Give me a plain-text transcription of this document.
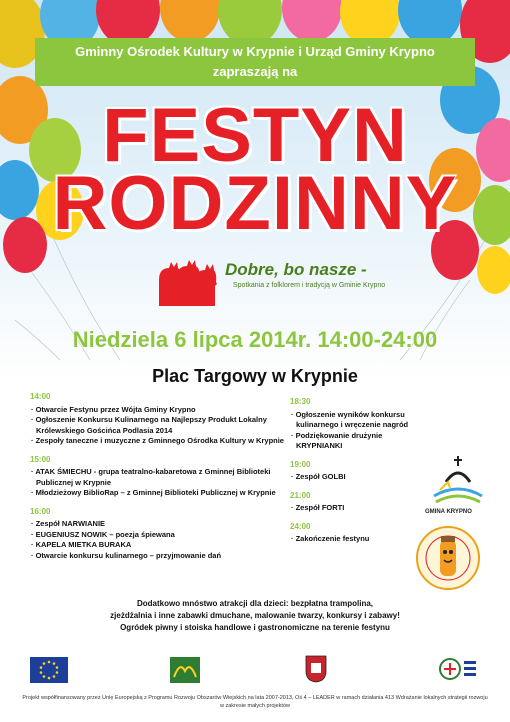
Gminny Ośrodek Kultury w Krypnie i Urząd Gminy Krypno
zapraszają na
FESTYN
RODZINNY
Dobre, bo nasze -
Spotkania z folklorem i tradycją w Gminie Krypno
Niedziela 6 lipca 2014r. 14:00-24:00
Plac Targowy w Krypnie
14:00
· Otwarcie Festynu przez Wójta Gminy Krypno
· Ogłoszenie Konkursu Kulinarnego na Najlepszy Produkt Lokalny Królewskiego Gościńca Podlasia 2014
· Zespoły taneczne i muzyczne z Gminnego Ośrodka Kultury w Krypnie
15:00
· ATAK ŚMIECHU - grupa teatralno-kabaretowa z Gminnej Biblioteki Publicznej w Krypnie
· Młodzieżowy BiblioRap – z Gminnej Biblioteki Publicznej w Krypnie
16:00
· Zespół NARWIANIE
· EUGENIUSZ NOWIK – poezja śpiewana
· KAPELA MIETKA BURAKA
· Otwarcie konkursu kulinarnego – przyjmowanie dań
18:30
· Ogłoszenie wyników konkursu kulinarnego i wręczenie nagród
· Podziękowanie drużynie KRYPNIANKI
19:00
· Zespół GOLBI
21:00
· Zespół FORTI
24:00
· Zakończenie festynu
GMINA KRYPNO
Dodatkowo mnóstwo atrakcji dla dzieci: bezpłatna trampolina,
zjeżdżalnia i inne zabawki dmuchane, malowanie twarzy, konkursy i zabawy!
Ogródek piwny i stoiska handlowe i gastronomiczne na terenie festynu
Projekt współfinansowany przez Unię Europejską z Programu Rozwoju Obszarów Wiejskich na lata 2007-2013, Oś 4 – LEADER w ramach działania 413 Wdrażanie lokalnych strategii rozwoju
w zakresie małych projektów
